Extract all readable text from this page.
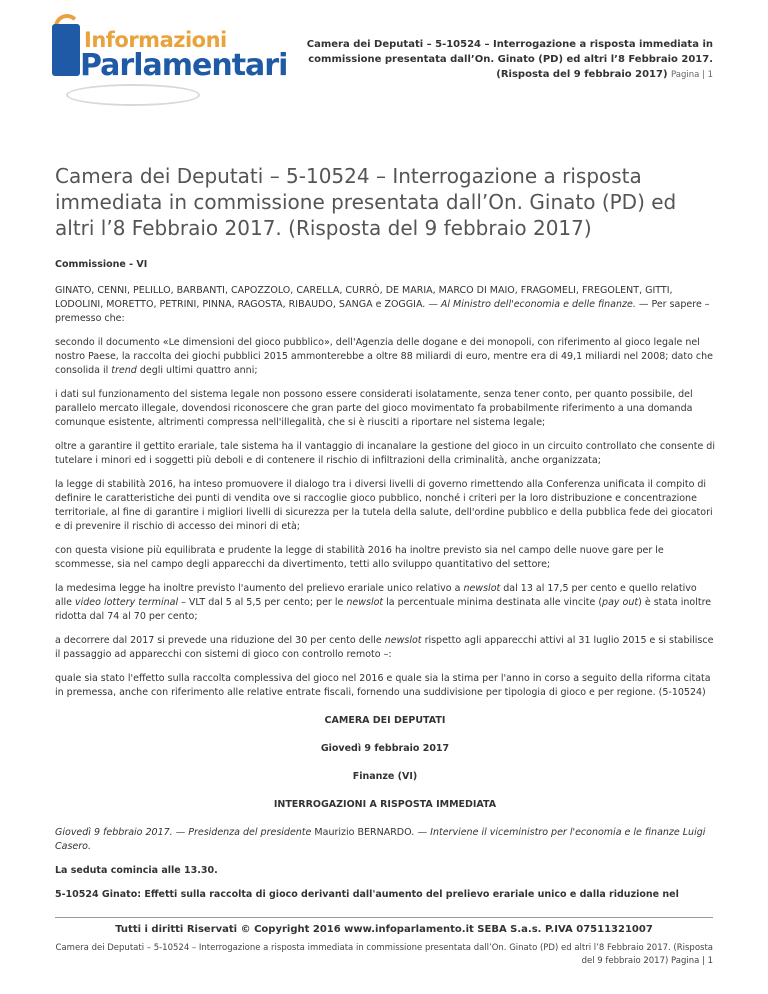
Informazioni
Parlamentari
Camera dei Deputati – 5-10524 – Interrogazione a risposta immediata in commissione presentata dall’On. Ginato (PD) ed altri l’8 Febbraio 2017. (Risposta del 9 febbraio 2017) Pagina | 1
Camera dei Deputati – 5-10524 – Interrogazione a risposta immediata in commissione presentata dall’On. Ginato (PD) ed altri l’8 Febbraio 2017. (Risposta del 9 febbraio 2017)

Commissione - VI

GINATO, CENNI, PELILLO, BARBANTI, CAPOZZOLO, CARELLA, CURRÒ, DE MARIA, MARCO DI MAIO, FRAGOMELI, FREGOLENT, GITTI, LODOLINI, MORETTO, PETRINI, PINNA, RAGOSTA, RIBAUDO, SANGA e ZOGGIA. — Al Ministro dell'economia e delle finanze. — Per sapere – premesso che:

secondo il documento «Le dimensioni del gioco pubblico», dell'Agenzia delle dogane e dei monopoli, con riferimento al gioco legale nel nostro Paese, la raccolta dei giochi pubblici 2015 ammonterebbe a oltre 88 miliardi di euro, mentre era di 49,1 miliardi nel 2008; dato che consolida il trend degli ultimi quattro anni;

i dati sul funzionamento del sistema legale non possono essere considerati isolatamente, senza tener conto, per quanto possibile, del parallelo mercato illegale, dovendosi riconoscere che gran parte del gioco movimentato fa probabilmente riferimento a una domanda comunque esistente, altrimenti compressa nell'illegalità, che si è riusciti a riportare nel sistema legale;

oltre a garantire il gettito erariale, tale sistema ha il vantaggio di incanalare la gestione del gioco in un circuito controllato che consente di tutelare i minori ed i soggetti più deboli e di contenere il rischio di infiltrazioni della criminalità, anche organizzata;

la legge di stabilità 2016, ha inteso promuovere il dialogo tra i diversi livelli di governo rimettendo alla Conferenza unificata il compito di definire le caratteristiche dei punti di vendita ove si raccoglie gioco pubblico, nonché i criteri per la loro distribuzione e concentrazione territoriale, al fine di garantire i migliori livelli di sicurezza per la tutela della salute, dell'ordine pubblico e della pubblica fede dei giocatori e di prevenire il rischio di accesso dei minori di età;

con questa visione più equilibrata e prudente la legge di stabilità 2016 ha inoltre previsto sia nel campo delle nuove gare per le scommesse, sia nel campo degli apparecchi da divertimento, tetti allo sviluppo quantitativo del settore;

la medesima legge ha inoltre previsto l'aumento del prelievo erariale unico relativo a newslot dal 13 al 17,5 per cento e quello relativo alle video lottery terminal – VLT dal 5 al 5,5 per cento; per le newslot la percentuale minima destinata alle vincite (pay out) è stata inoltre ridotta dal 74 al 70 per cento;

a decorrere dal 2017 si prevede una riduzione del 30 per cento delle newslot rispetto agli apparecchi attivi al 31 luglio 2015 e si stabilisce il passaggio ad apparecchi con sistemi di gioco con controllo remoto –:

quale sia stato l'effetto sulla raccolta complessiva del gioco nel 2016 e quale sia la stima per l'anno in corso a seguito della riforma citata in premessa, anche con riferimento alle relative entrate fiscali, fornendo una suddivisione per tipologia di gioco e per regione. (5-10524)

CAMERA DEI DEPUTATI

Giovedì 9 febbraio 2017

Finanze (VI)

INTERROGAZIONI A RISPOSTA IMMEDIATA

Giovedì 9 febbraio 2017. — Presidenza del presidente Maurizio BERNARDO. — Interviene il viceministro per l'economia e le finanze Luigi Casero.

La seduta comincia alle 13.30.

5-10524 Ginato: Effetti sulla raccolta di gioco derivanti dall'aumento del prelievo erariale unico e dalla riduzione nel

Tutti i diritti Riservati © Copyright 2016 www.infoparlamento.it SEBA S.a.s. P.IVA 07511321007
Camera dei Deputati – 5-10524 – Interrogazione a risposta immediata in commissione presentata dall’On. Ginato (PD) ed altri l’8 Febbraio 2017. (Risposta del 9 febbraio 2017) Pagina | 1
